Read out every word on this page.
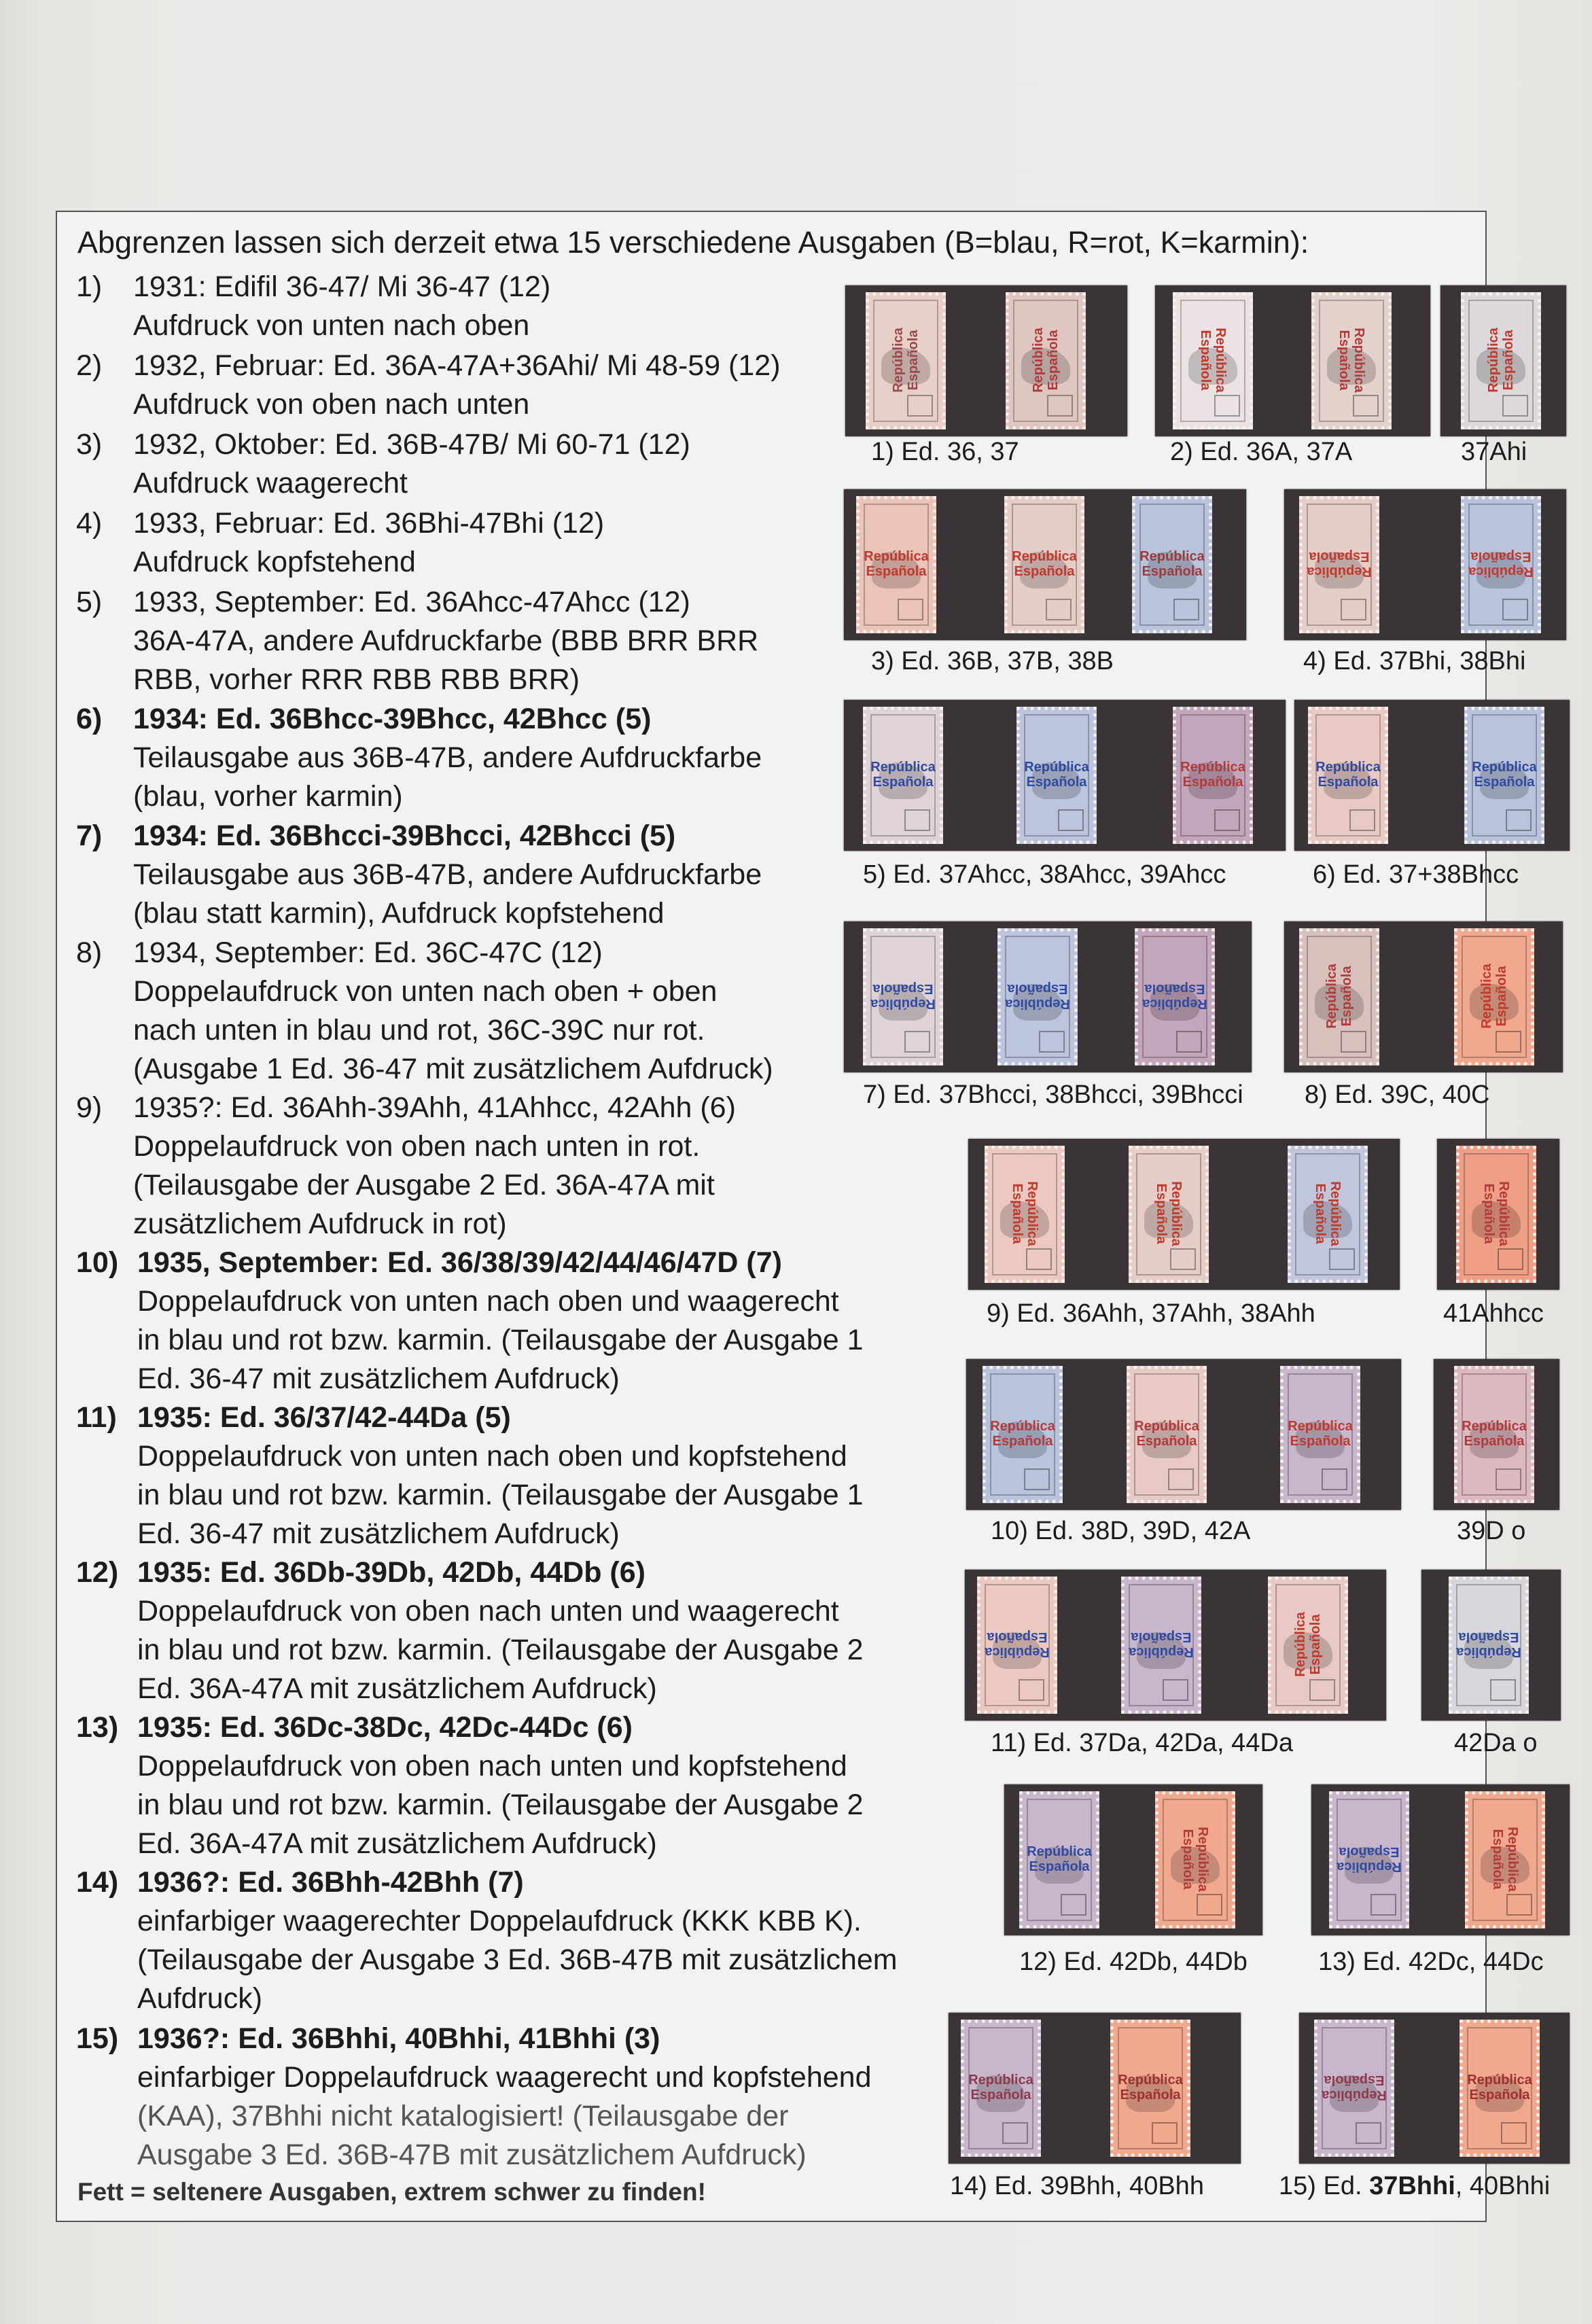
Abgrenzen lassen sich derzeit etwa 15 verschiedene Ausgaben (B=blau, R=rot, K=karmin):
Fett = seltenere Ausgaben, extrem schwer zu finden!
1)	1931: Edifil 36-47/ Mi 36-47 (12)
Aufdruck von unten nach oben
2)	1932, Februar: Ed. 36A-47A+36Ahi/ Mi 48-59 (12)
Aufdruck von oben nach unten
3)	1932, Oktober: Ed. 36B-47B/ Mi 60-71 (12)
Aufdruck waagerecht
4)	1933, Februar: Ed. 36Bhi-47Bhi (12)
Aufdruck kopfstehend
5)	1933, September: Ed. 36Ahcc-47Ahcc (12)
36A-47A, andere Aufdruckfarbe (BBB BRR BRR
RBB, vorher RRR RBB RBB BRR)
6)	1934: Ed. 36Bhcc-39Bhcc, 42Bhcc (5)
Teilausgabe aus 36B-47B, andere Aufdruckfarbe
(blau, vorher karmin)
7)	1934: Ed. 36Bhcci-39Bhcci, 42Bhcci (5)
Teilausgabe aus 36B-47B, andere Aufdruckfarbe
(blau statt karmin), Aufdruck kopfstehend
8)	1934, September: Ed. 36C-47C (12)
Doppelaufdruck von unten nach oben + oben
nach unten in blau und rot, 36C-39C nur rot.
(Ausgabe 1 Ed. 36-47 mit zusätzlichem Aufdruck)
9)	1935?: Ed. 36Ahh-39Ahh, 41Ahhcc, 42Ahh (6)
Doppelaufdruck von oben nach unten in rot.
(Teilausgabe der Ausgabe 2 Ed. 36A-47A mit
zusätzlichem Aufdruck in rot)
10) 1935, September: Ed. 36/38/39/42/44/46/47D (7)
Doppelaufdruck von unten nach oben und waagerecht
in blau und rot bzw. karmin. (Teilausgabe der Ausgabe 1
Ed. 36-47 mit zusätzlichem Aufdruck)
11) 1935: Ed. 36/37/42-44Da (5)
Doppelaufdruck von unten nach oben und kopfstehend
in blau und rot bzw. karmin. (Teilausgabe der Ausgabe 1
Ed. 36-47 mit zusätzlichem Aufdruck)
12) 1935: Ed. 36Db-39Db, 42Db, 44Db (6)
Doppelaufdruck von oben nach unten und waagerecht
in blau und rot bzw. karmin. (Teilausgabe der Ausgabe 2
Ed. 36A-47A mit zusätzlichem Aufdruck)
13) 1935: Ed. 36Dc-38Dc, 42Dc-44Dc (6)
Doppelaufdruck von oben nach unten und kopfstehend
in blau und rot bzw. karmin. (Teilausgabe der Ausgabe 2
Ed. 36A-47A mit zusätzlichem Aufdruck)
14) 1936?: Ed. 36Bhh-42Bhh (7)
einfarbiger waagerechter Doppelaufdruck (KKK KBB K).
(Teilausgabe der Ausgabe 3 Ed. 36B-47B mit zusätzlichem
Aufdruck)
15) 1936?: Ed. 36Bhhi, 40Bhhi, 41Bhhi (3)
einfarbiger Doppelaufdruck waagerecht und kopfstehend
(KAA), 37Bhhi nicht katalogisiert! (Teilausgabe der
Ausgabe 3 Ed. 36B-47B mit zusätzlichem Aufdruck)
República Española	República Española	República Española	República Española	República Española
1) Ed. 36, 37	2) Ed. 36A, 37A	37Ahi
República Española
República Española
República Española	República Española
República Española
3) Ed. 36B, 37B, 38B	4) Ed. 37Bhi, 38Bhi
República Española
República Española
República Española
República Española
República Española
5) Ed. 37Ahcc, 38Ahcc, 39Ahcc	6) Ed. 37+38Bhcc
República Española
República Española
República Española	República Española	República Española
7) Ed. 37Bhcci, 38Bhcci, 39Bhcci 8) Ed. 39C, 40C
República Española	República Española	República Española	República Española
9) Ed. 36Ahh, 37Ahh, 38Ahh	41Ahhcc
República Española
República Española
República Española
República Española
10) Ed. 38D, 39D, 42A	39D o
República Española
República Española	República Española	República Española
11) Ed. 37Da, 42Da, 44Da	42Da o
República Española	República Española	República Española	República Española
12) Ed. 42Db, 44Db	13) Ed. 42Dc, 44Dc
República Española
República Española	República Española	República Española
14) Ed. 39Bhh, 40Bhh	15) Ed. 37Bhhi, 40Bhhi
